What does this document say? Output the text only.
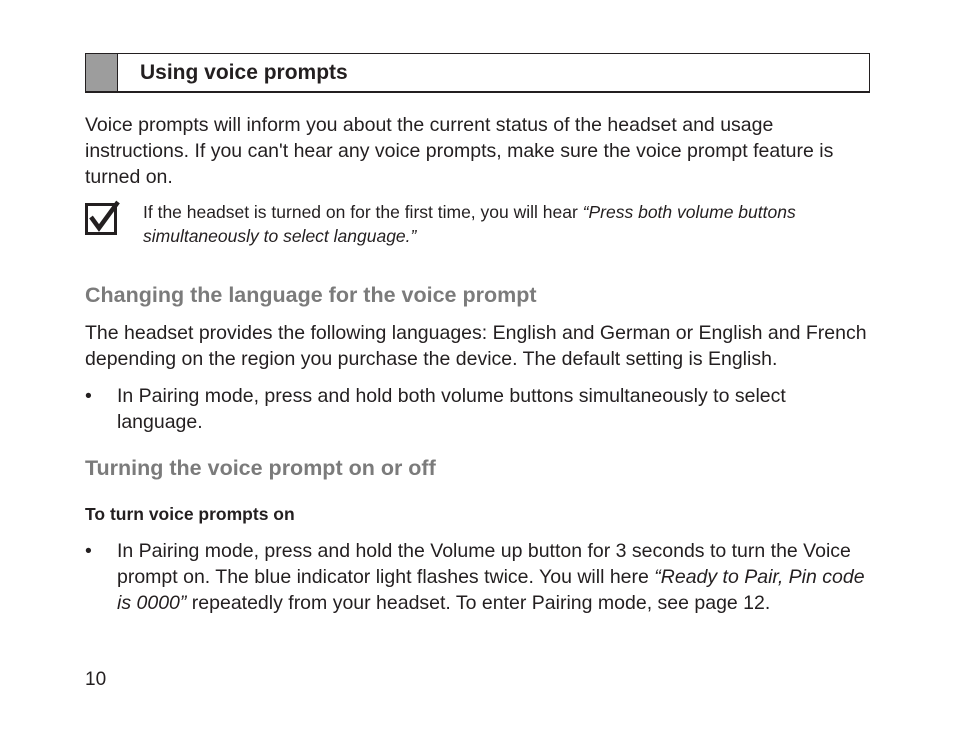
Using voice prompts

Voice prompts will inform you about the current status of the headset and usage instructions. If you can't hear any voice prompts, make sure the voice prompt feature is turned on.

If the headset is turned on for the first time, you will hear “Press both volume buttons simultaneously to select language.”
Changing the language for the voice prompt

The headset provides the following languages: English and German or English and French depending on the region you purchase the device. The default setting is English.

•	In Pairing mode, press and hold both volume buttons simultaneously to select language.
Turning the voice prompt on or off
To turn voice prompts on
•	In Pairing mode, press and hold the Volume up button for 3 seconds to turn the Voice prompt on. The blue indicator light flashes twice. You will here “Ready to Pair, Pin code is 0000” repeatedly from your headset. To enter Pairing mode, see page 12.
10
